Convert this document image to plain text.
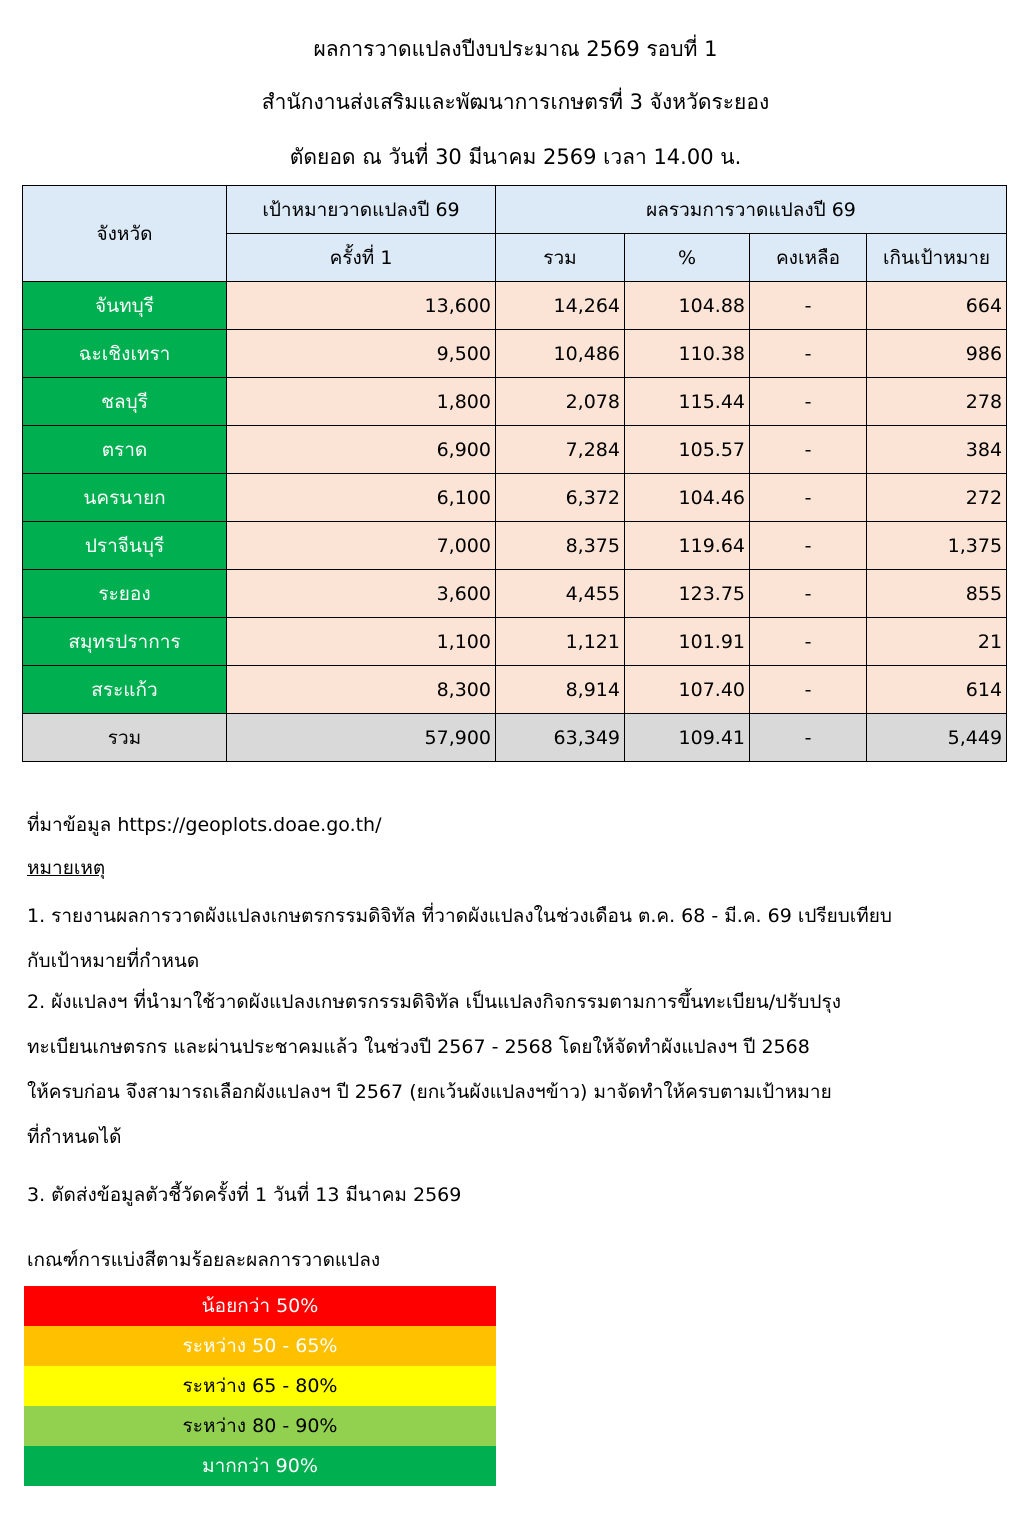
ผลการวาดแปลงปีงบประมาณ 2569 รอบที่ 1
สำนักงานส่งเสริมและพัฒนาการเกษตรที่ 3 จังหวัดระยอง
ตัดยอด ณ วันที่ 30 มีนาคม 2569 เวลา 14.00 น.
จังหวัด	เป้าหมายวาดแปลงปี 69	ผลรวมการวาดแปลงปี 69			
	ครั้งที่ 1	รวม	%	คงเหลือ	เกินเป้าหมาย
จันทบุรี	13,600	14,264	104.88	-	664
ฉะเชิงเทรา	9,500	10,486	110.38	-	986
ชลบุรี	1,800	2,078	115.44	-	278
ตราด	6,900	7,284	105.57	-	384
นครนายก	6,100	6,372	104.46	-	272
ปราจีนบุรี	7,000	8,375	119.64	-	1,375
ระยอง	3,600	4,455	123.75	-	855
สมุทรปราการ	1,100	1,121	101.91	-	21
สระแก้ว	8,300	8,914	107.40	-	614
รวม	57,900	63,349	109.41	-	5,449
ที่มาข้อมูล https://geoplots.doae.go.th/
หมายเหตุ
1. รายงานผลการวาดผังแปลงเกษตรกรรมดิจิทัล ที่วาดผังแปลงในช่วงเดือน ต.ค. 68 - มี.ค. 69 เปรียบเทียบ
กับเป้าหมายที่กำหนด
2. ผังแปลงฯ ที่นำมาใช้วาดผังแปลงเกษตรกรรมดิจิทัล เป็นแปลงกิจกรรมตามการขึ้นทะเบียน/ปรับปรุง
ทะเบียนเกษตรกร และผ่านประชาคมแล้ว ในช่วงปี 2567 - 2568 โดยให้จัดทำผังแปลงฯ ปี 2568
ให้ครบก่อน จึงสามารถเลือกผังแปลงฯ ปี 2567 (ยกเว้นผังแปลงฯข้าว) มาจัดทำให้ครบตามเป้าหมาย
ที่กำหนดได้
3. ตัดส่งข้อมูลตัวชี้วัดครั้งที่ 1 วันที่ 13 มีนาคม 2569
เกณฑ์การแบ่งสีตามร้อยละผลการวาดแปลง
น้อยกว่า 50%
ระหว่าง 50 - 65%
ระหว่าง 65 - 80%
ระหว่าง 80 - 90%
มากกว่า 90%
